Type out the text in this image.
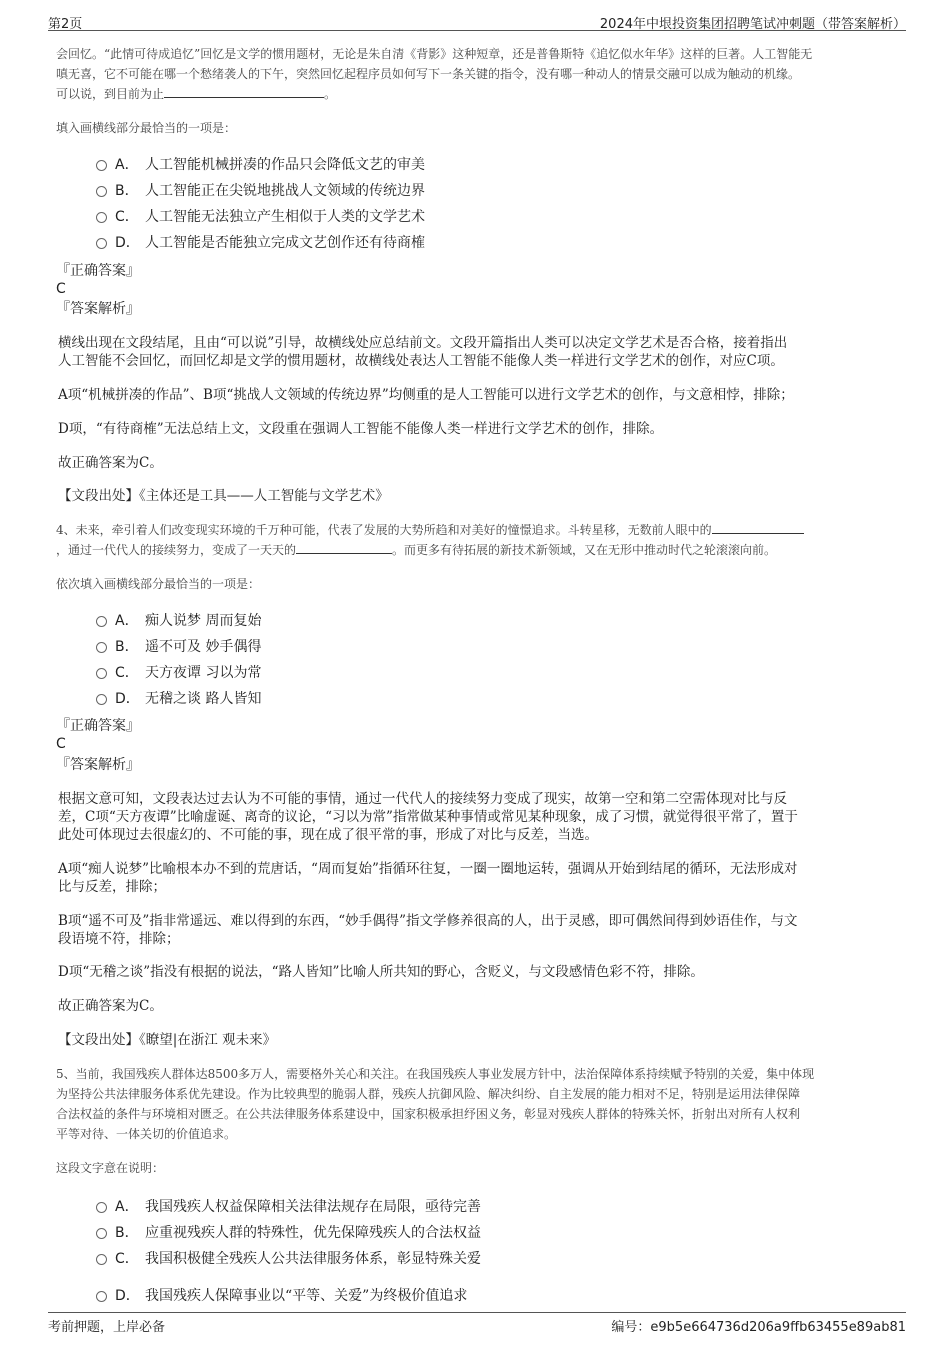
第2页	2024年中垠投资集团招聘笔试冲刺题（带答案解析）
会回忆。“此情可待成追忆”回忆是文学的惯用题材，无论是朱自清《背影》这种短章，还是普鲁斯特《追忆似水年华》这样的巨著。人工智能无
嗔无喜，它不可能在哪一个愁绪袭人的下午，突然回忆起程序员如何写下一条关键的指令，没有哪一种动人的情景交融可以成为触动的机缘。
可以说，到目前为止	。
填入画横线部分最恰当的一项是：
A． 人工智能机械拼凑的作品只会降低文艺的审美
B． 人工智能正在尖锐地挑战人文领域的传统边界
C． 人工智能无法独立产生相似于人类的文学艺术
D． 人工智能是否能独立完成文艺创作还有待商榷
『正确答案』
C
『答案解析』
横线出现在文段结尾，且由“可以说”引导，故横线处应总结前文。文段开篇指出人类可以决定文学艺术是否合格，接着指出
人工智能不会回忆，而回忆却是文学的惯用题材，故横线处表达人工智能不能像人类一样进行文学艺术的创作，对应C项。
A项“机械拼凑的作品”、B项“挑战人文领域的传统边界”均侧重的是人工智能可以进行文学艺术的创作，与文意相悖，排除；
D项，“有待商榷”无法总结上文，文段重在强调人工智能不能像人类一样进行文学艺术的创作，排除。
故正确答案为C。
【文段出处】《主体还是工具——人工智能与文学艺术》
4、未来，牵引着人们改变现实环境的千万种可能，代表了发展的大势所趋和对美好的憧憬追求。斗转星移，无数前人眼中的
，通过一代代人的接续努力，变成了一天天的	。而更多有待拓展的新技术新领域，又在无形中推动时代之轮滚滚向前。
依次填入画横线部分最恰当的一项是：
A． 痴人说梦 周而复始
B． 遥不可及 妙手偶得
C． 天方夜谭 习以为常
D． 无稽之谈 路人皆知
『正确答案』
C
『答案解析』
根据文意可知，文段表达过去认为不可能的事情，通过一代代人的接续努力变成了现实，故第一空和第二空需体现对比与反
差，C项“天方夜谭”比喻虚诞、离奇的议论，“习以为常”指常做某种事情或常见某种现象，成了习惯，就觉得很平常了，置于
此处可体现过去很虚幻的、不可能的事，现在成了很平常的事，形成了对比与反差，当选。
A项“痴人说梦”比喻根本办不到的荒唐话，“周而复始”指循环往复，一圈一圈地运转，强调从开始到结尾的循环，无法形成对
比与反差，排除；
B项“遥不可及”指非常遥远、难以得到的东西，“妙手偶得”指文学修养很高的人，出于灵感，即可偶然间得到妙语佳作，与文
段语境不符，排除；
D项“无稽之谈”指没有根据的说法，“路人皆知”比喻人所共知的野心，含贬义，与文段感情色彩不符，排除。
故正确答案为C。
【文段出处】《瞭望|在浙江 观未来》
5、当前，我国残疾人群体达8500多万人，需要格外关心和关注。在我国残疾人事业发展方针中，法治保障体系持续赋予特别的关爱，集中体现
为坚持公共法律服务体系优先建设。作为比较典型的脆弱人群，残疾人抗御风险、解决纠纷、自主发展的能力相对不足，特别是运用法律保障
合法权益的条件与环境相对匮乏。在公共法律服务体系建设中，国家积极承担纾困义务，彰显对残疾人群体的特殊关怀，折射出对所有人权利
平等对待、一体关切的价值追求。
这段文字意在说明：
A． 我国残疾人权益保障相关法律法规存在局限，亟待完善
B． 应重视残疾人群的特殊性，优先保障残疾人的合法权益
C． 我国积极健全残疾人公共法律服务体系，彰显特殊关爱
D． 我国残疾人保障事业以“平等、关爱”为终极价值追求
考前押题，上岸必备	编号：e9b5e664736d206a9ffb63455e89ab81
